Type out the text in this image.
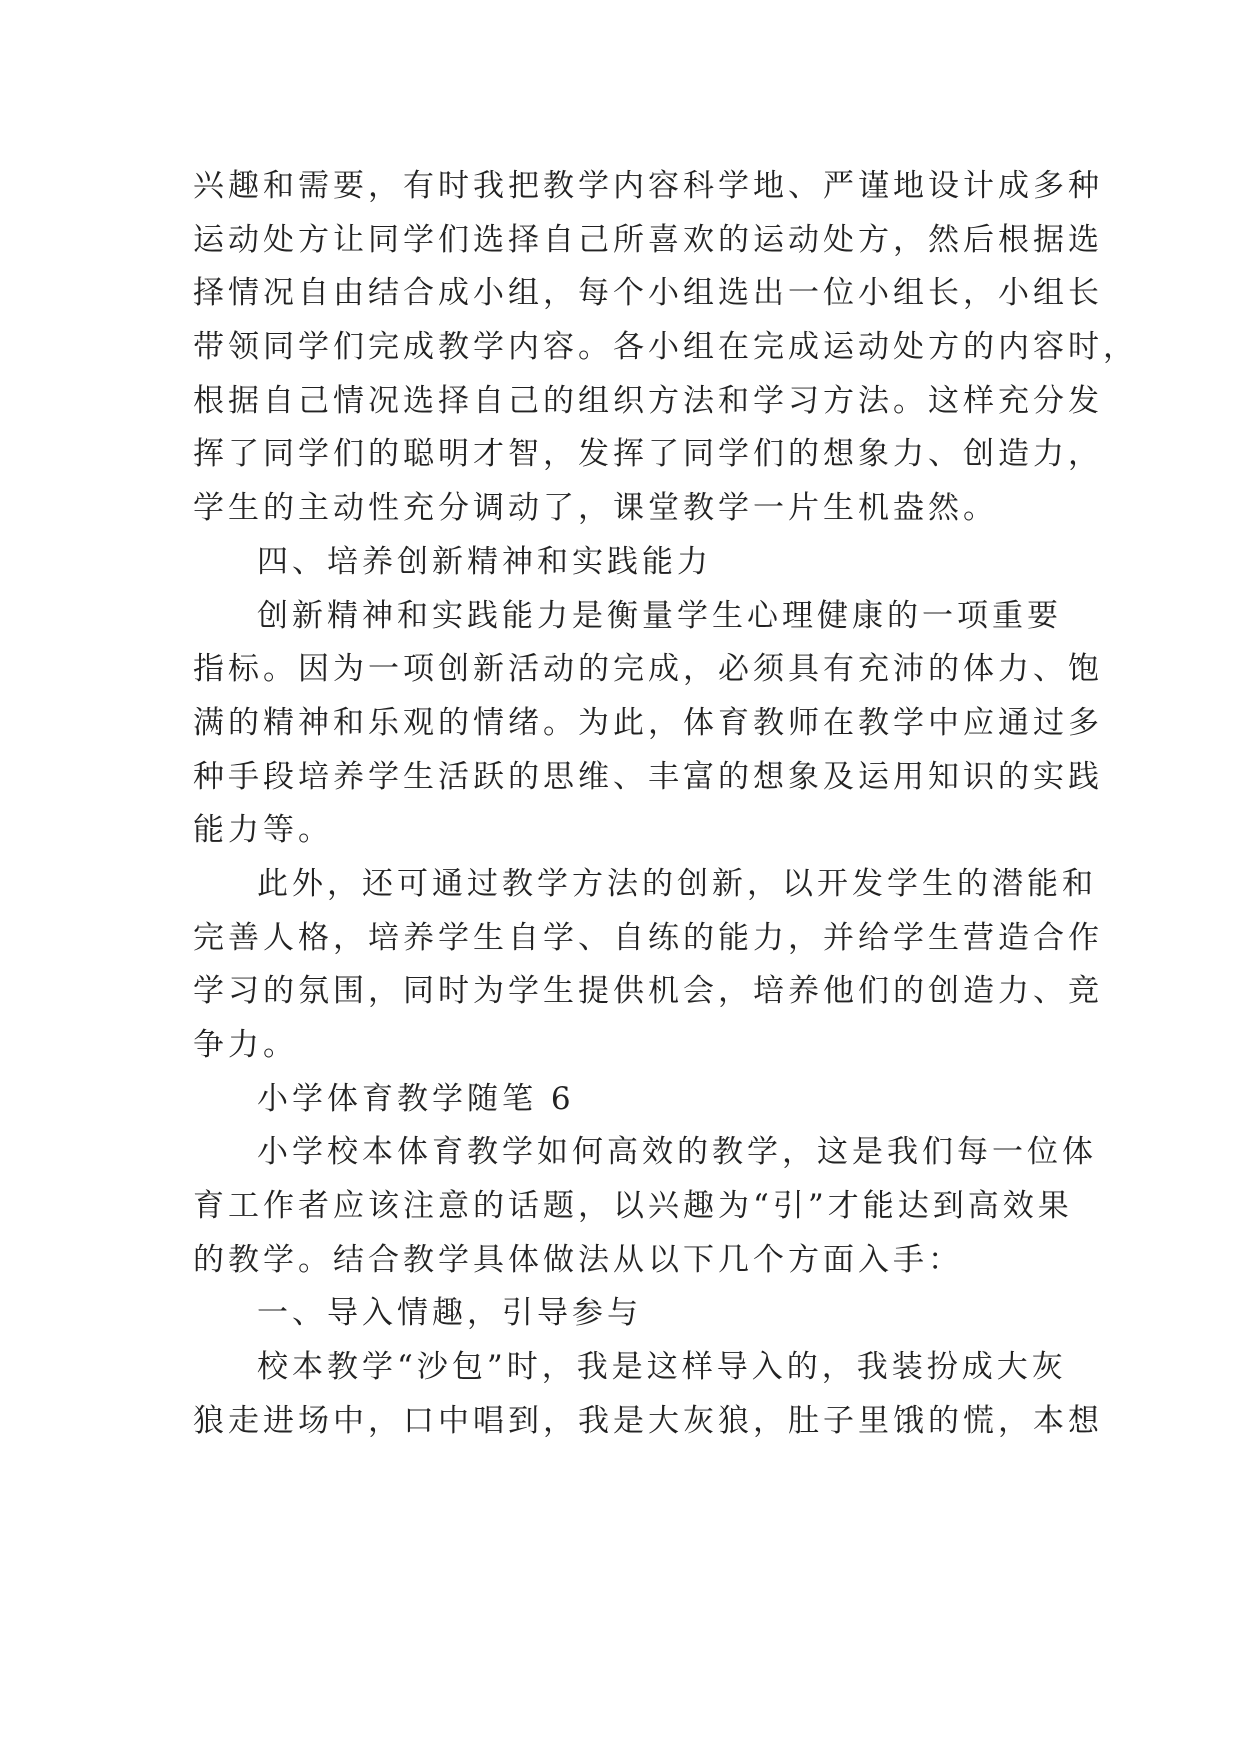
兴趣和需要，有时我把教学内容科学地、严谨地设计成多种
运动处方让同学们选择自己所喜欢的运动处方，然后根据选
择情况自由结合成小组，每个小组选出一位小组长，小组长
带领同学们完成教学内容。各小组在完成运动处方的内容时，
根据自己情况选择自己的组织方法和学习方法。这样充分发
挥了同学们的聪明才智，发挥了同学们的想象力、创造力，
学生的主动性充分调动了，课堂教学一片生机盎然。
四、培养创新精神和实践能力
创新精神和实践能力是衡量学生心理健康的一项重要
指标。因为一项创新活动的完成，必须具有充沛的体力、饱
满的精神和乐观的情绪。为此，体育教师在教学中应通过多
种手段培养学生活跃的思维、丰富的想象及运用知识的实践
能力等。
此外，还可通过教学方法的创新，以开发学生的潜能和
完善人格，培养学生自学、自练的能力，并给学生营造合作
学习的氛围，同时为学生提供机会，培养他们的创造力、竞
争力。
小学体育教学随笔 6
小学校本体育教学如何高效的教学，这是我们每一位体
育工作者应该注意的话题，以兴趣为“引”才能达到高效果
的教学。结合教学具体做法从以下几个方面入手：
一、导入情趣，引导参与
校本教学“沙包”时，我是这样导入的，我装扮成大灰
狼走进场中，口中唱到，我是大灰狼，肚子里饿的慌，本想
